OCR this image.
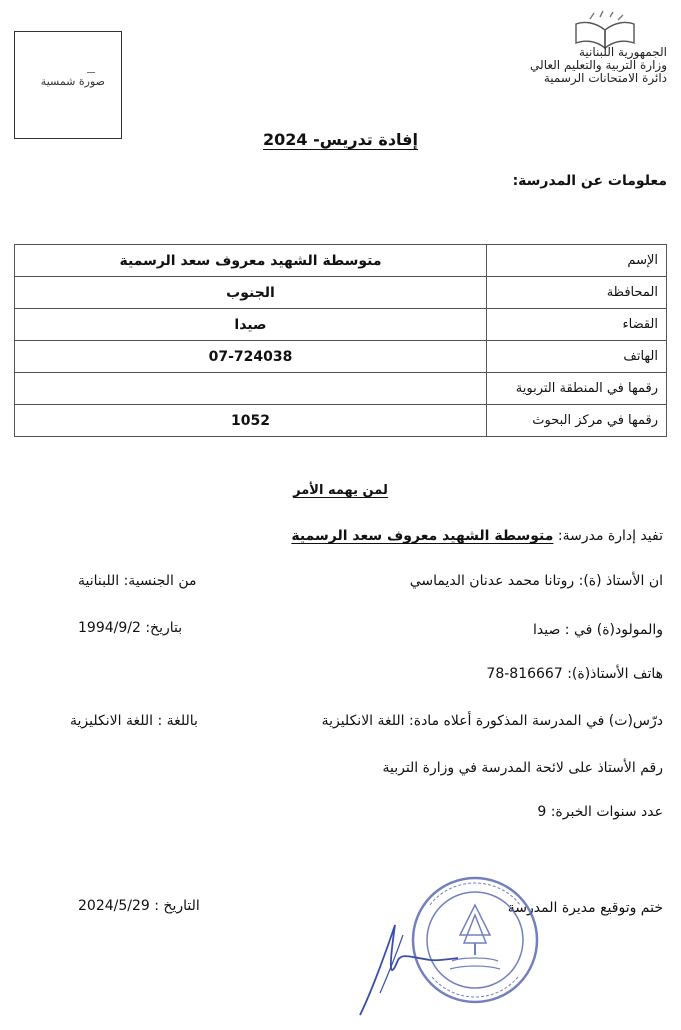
صورة شمسية
الجمهورية اللبنانية
وزارة التربية والتعليم العالي
دائرة الامتحانات الرسمية
إفادة تدريس- 2024
معلومات عن المدرسة:
الإسم	متوسطة الشهيد معروف سعد الرسمية
المحافظة	الجنوب
القضاء	صيدا
الهاتف	07-724038
رقمها في المنطقة التربوية	
رقمها في مركز البحوث	1052
لمن يهمه الأمر
تفيد إدارة مدرسة: متوسطة الشهيد معروف سعد الرسمية
ان الأستاذ (ة): روتانا محمد عدنان الديماسي
من الجنسية: اللبنانية
والمولود(ة) في : صيدا
بتاريخ: 1994/9/2
هاتف الأستاذ(ة): 816667-78
درّس(ت) في المدرسة المذكورة أعلاه مادة: اللغة الانكليزية
باللغة : اللغة الانكليزية
رقم الأستاذ على لائحة المدرسة في وزارة التربية
عدد سنوات الخبرة: 9
ختم وتوقيع مديرة المدرسة
التاريخ : 2024/5/29
